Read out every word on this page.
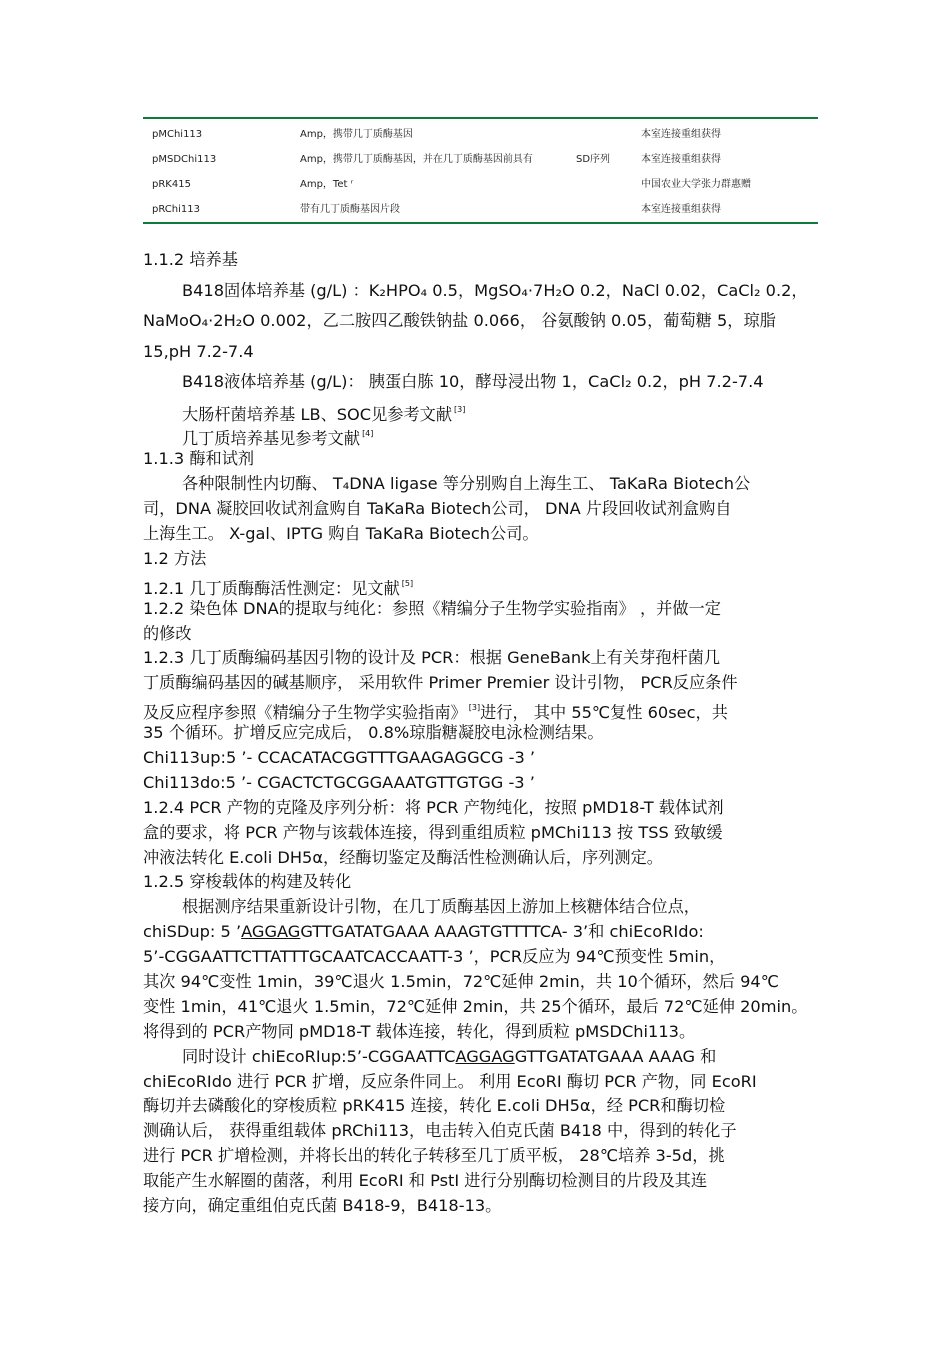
pMChi113	Amp，携带几丁质酶基因	本室连接重组获得
pMSDChi113	Amp，携带几丁质酶基因，并在几丁质酶基因前具有	SD序列	本室连接重组获得
pRK415	Amp，Tet ʳ	中国农业大学张力群惠赠
pRChi113	带有几丁质酶基因片段	本室连接重组获得
1.1.2 培养基
B418固体培养基 (g/L) ：K₂HPO₄ 0.5，MgSO₄·7H₂O 0.2，NaCl 0.02，CaCl₂ 0.2，
NaMoO₄·2H₂O 0.002，乙二胺四乙酸铁钠盐 0.066， 谷氨酸钠 0.05，葡萄糖 5，琼脂
15,pH 7.2-7.4
B418液体培养基 (g/L)： 胰蛋白胨 10，酵母浸出物 1，CaCl₂ 0.2，pH 7.2-7.4
大肠杆菌培养基 LB、SOC见参考文献 [3]
几丁质培养基见参考文献 [4]
1.1.3 酶和试剂
各种限制性内切酶、 T₄DNA ligase 等分别购自上海生工、 TaKaRa Biotech公
司，DNA 凝胶回收试剂盒购自 TaKaRa Biotech公司， DNA 片段回收试剂盒购自
上海生工。 X-gal、IPTG 购自 TaKaRa Biotech公司。
1.2 方法
1.2.1 几丁质酶酶活性测定：见文献 [5]
1.2.2 染色体 DNA的提取与纯化：参照《精编分子生物学实验指南》 ，并做一定
的修改
1.2.3 几丁质酶编码基因引物的设计及 PCR：根据 GeneBank上有关芽孢杆菌几
丁质酶编码基因的碱基顺序， 采用软件 Primer Premier 设计引物， PCR反应条件
及反应程序参照《精编分子生物学实验指南》 [3]进行， 其中 55℃复性 60sec，共
35 个循环。扩增反应完成后， 0.8%琼脂糖凝胶电泳检测结果。
Chi113up:5 ’- CCACATACGGTTTGAAGAGGCG -3 ’
Chi113do:5 ’- CGACTCTGCGGAAATGTTGTGG -3 ’
1.2.4 PCR 产物的克隆及序列分析：将 PCR 产物纯化，按照 pMD18-T 载体试剂
盒的要求，将 PCR 产物与该载体连接，得到重组质粒 pMChi113 按 TSS 致敏缓
冲液法转化 E.coli DH5α，经酶切鉴定及酶活性检测确认后，序列测定。
1.2.5 穿梭载体的构建及转化
根据测序结果重新设计引物，在几丁质酶基因上游加上核糖体结合位点，
chiSDup: 5 ’AGGAGGTTGATATGAAA AAAGTGTTTTCA- 3’和 chiEcoRIdo:
5’-CGGAATTCTTATTTGCAATCACCAATT-3 ’，PCR反应为 94℃预变性 5min，
其次 94℃变性 1min，39℃退火 1.5min，72℃延伸 2min，共 10个循环，然后 94℃
变性 1min，41℃退火 1.5min，72℃延伸 2min，共 25个循环，最后 72℃延伸 20min。
将得到的 PCR产物同 pMD18-T 载体连接，转化，得到质粒 pMSDChi113。
同时设计 chiEcoRIup:5’-CGGAATTCAGGAGGTTGATATGAAA AAAG 和
chiEcoRIdo 进行 PCR 扩增，反应条件同上。 利用 EcoRI 酶切 PCR 产物，同 EcoRI
酶切并去磷酸化的穿梭质粒 pRK415 连接，转化 E.coli DH5α，经 PCR和酶切检
测确认后， 获得重组载体 pRChi113，电击转入伯克氏菌 B418 中，得到的转化子
进行 PCR 扩增检测，并将长出的转化子转移至几丁质平板， 28℃培养 3-5d，挑
取能产生水解圈的菌落，利用 EcoRI 和 PstI 进行分别酶切检测目的片段及其连
接方向，确定重组伯克氏菌 B418-9，B418-13。
